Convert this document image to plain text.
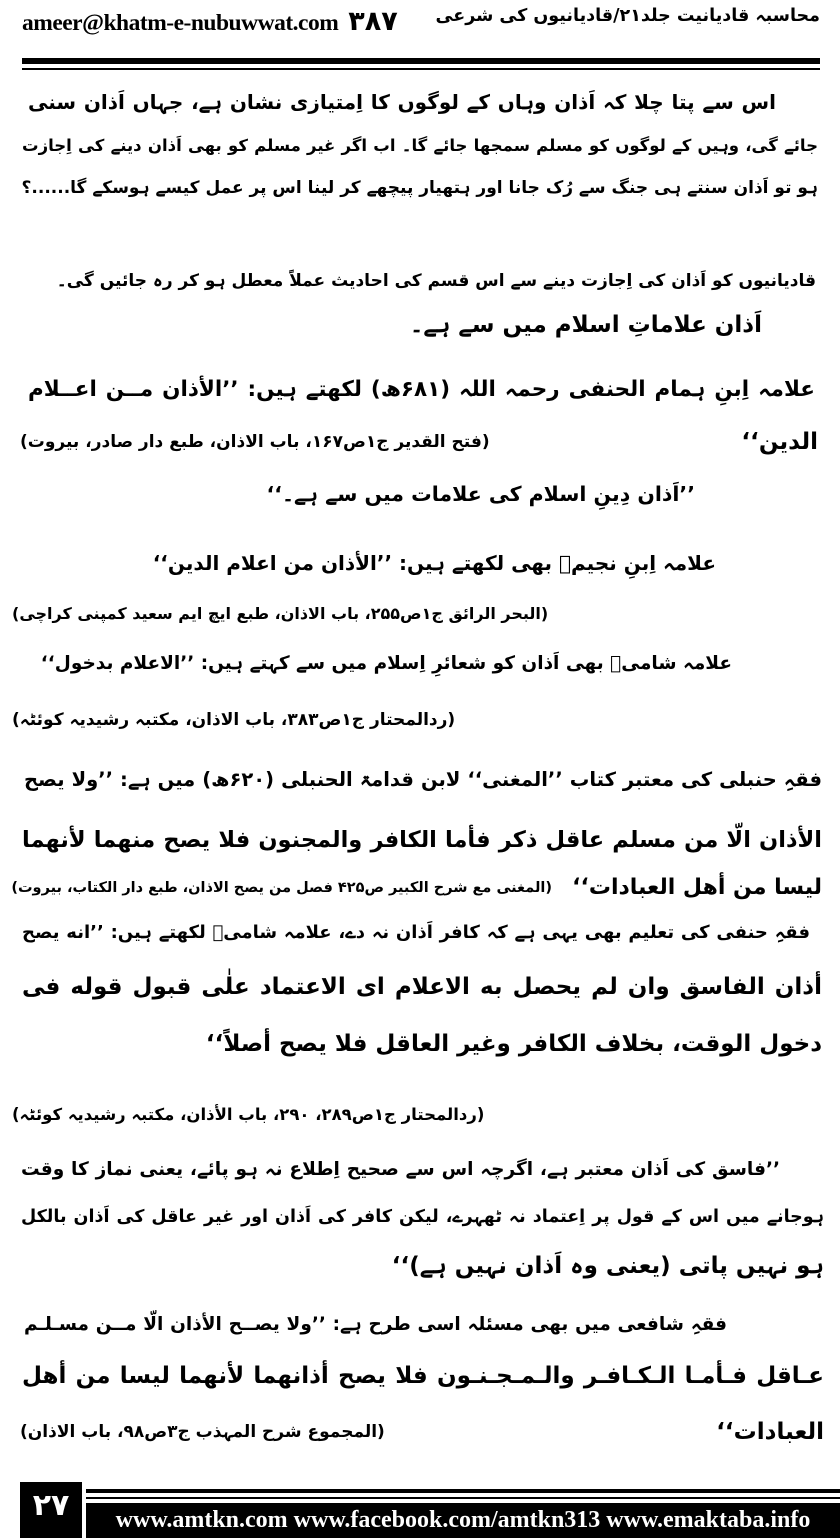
ameer@khatm-e-nubuwwat.com ۳۸۷	محاسبہ قادیانیت جلد۲۱/قادیانیوں کی شرعی
اس سے پتا چلا کہ اَذان وہاں کے لوگوں کا اِمتیازی نشان ہے، جہاں اَذان سنی
جائے گی، وہیں کے لوگوں کو مسلم سمجھا جائے گا۔ اب اگر غیر مسلم کو بھی اَذان دینے کی اِجازت
ہو تو اَذان سنتے ہی جنگ سے رُک جانا اور ہتھیار پیچھے کر لینا اس پر عمل کیسے ہوسکے گا......؟
قادیانیوں کو اَذان کی اِجازت دینے سے اس قسم کی احادیث عملاً معطل ہو کر رہ جائیں گی۔
اَذان علاماتِ اسلام میں سے ہے۔
علامہ اِبنِ ہمام الحنفی رحمہ اللہ (۶۸۱ھ) لکھتے ہیں: ’’الأذان مــن اعــلام
الدین‘‘
(فتح القدیر ج۱ص۱۶۷، باب الاذان، طبع دار صادر، بیروت)
’’اَذان دِینِ اسلام کی علامات میں سے ہے۔‘‘
علامہ اِبنِ نجیمؒ بھی لکھتے ہیں: ’’الأذان من اعلام الدین‘‘
(البحر الرائق ج۱ص۲۵۵، باب الاذان، طبع ایچ ایم سعید کمپنی کراچی)
علامہ شامیؒ بھی اَذان کو شعائرِ اِسلام میں سے کہتے ہیں: ’’الاعلام بدخول‘‘
(ردالمحتار ج۱ص۳۸۳، باب الاذان، مکتبہ رشیدیہ کوئٹہ)
فقہِ حنبلی کی معتبر کتاب ’’المغنی‘‘ لابن قدامۃ الحنبلی (۶۲۰ھ) میں ہے: ’’ولا یصح
الأذان الّا من مسلم عاقل ذکر فأما الکافر والمجنون فلا یصح منهما لأنهما
لیسا من أهل العبادات‘‘
(المغنی مع شرح الکبیر ص۴۲۵ فصل من یصح الاذان، طبع دار الکتاب، بیروت)
فقہِ حنفی کی تعلیم بھی یہی ہے کہ کافر اَذان نہ دے، علامہ شامیؒ لکھتے ہیں: ’’انه یصح
أذان الفاسق وان لم یحصل به الاعلام ای الاعتماد علٰی قبول قوله فی
دخول الوقت، بخلاف الکافر وغیر العاقل فلا یصح أصلاً‘‘
(ردالمحتار ج۱ص۲۸۹، ۲۹۰، باب الأذان، مکتبہ رشیدیہ کوئٹہ)
’’فاسق کی اَذان معتبر ہے، اگرچہ اس سے صحیح اِطلاع نہ ہو پائے، یعنی نماز کا وقت
ہوجانے میں اس کے قول پر اِعتماد نہ ٹھہرے، لیکن کافر کی اَذان اور غیر عاقل کی اَذان بالکل
ہو نہیں پاتی (یعنی وہ اَذان نہیں ہے)‘‘
فقہِ شافعی میں بھی مسئلہ اسی طرح ہے: ’’ولا یصــح الأذان الّا مــن مسـلـم
عـاقل فـأمـا الـکـافـر والـمـجـنـون فلا یصح أذانهما لأنهما لیسا من أهل
العبادات‘‘
(المجموع شرح المہذب ج۳ص۹۸، باب الاذان)
۲۷	www.amtkn.com www.facebook.com/amtkn313 www.emaktaba.info
